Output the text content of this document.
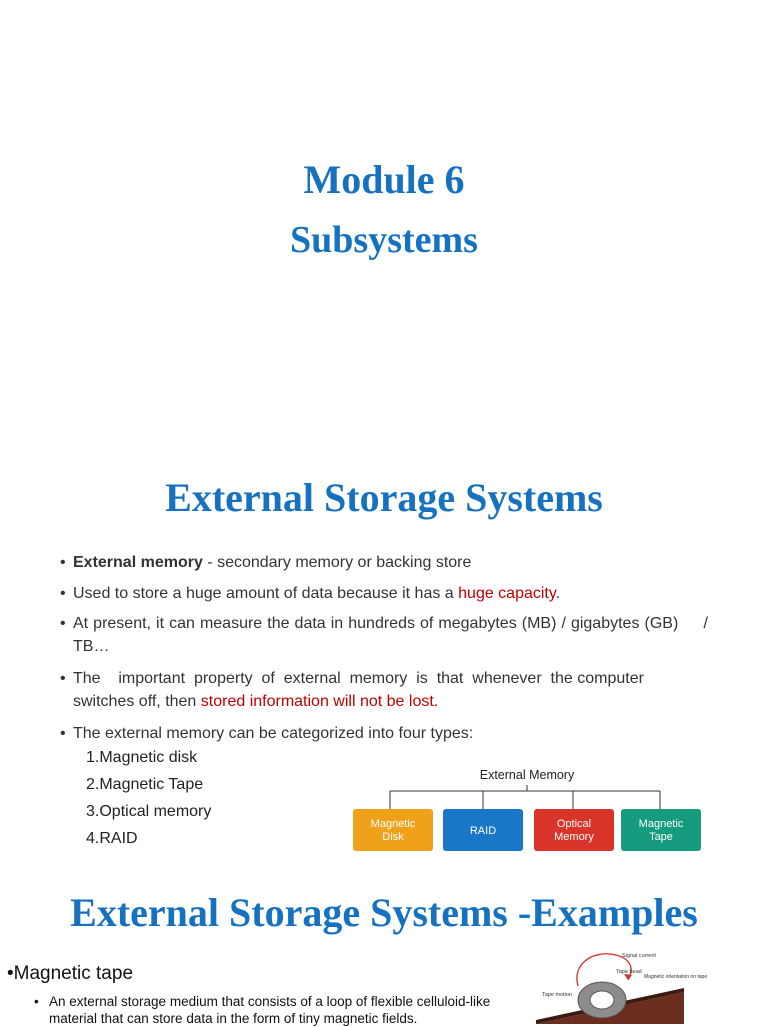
Module 6
Subsystems
External Storage Systems
• External memory - secondary memory or backing store
• Used to store a huge amount of data because it has a huge capacity.
• At present, it can measure the data in hundreds of megabytes (MB) / gigabytes (GB)     / TB…
• The    important  property  of  external  memory  is  that  whenever  the computer               switches off, then stored information will not be lost.
• The external memory can be categorized into four types:
1.Magnetic disk
2.Magnetic Tape
3.Optical memory
4.RAID
External Memory
Magnetic
Disk	RAID
Optical
Memory
Magnetic
Tape
External Storage Systems -Examples
•Magnetic tape
• An external storage medium that consists of a loop of flexible celluloid-like
material that can store data in the form of tiny magnetic fields.
Signal current
Tape head
Magnetic orientation on tape
Tape motion
